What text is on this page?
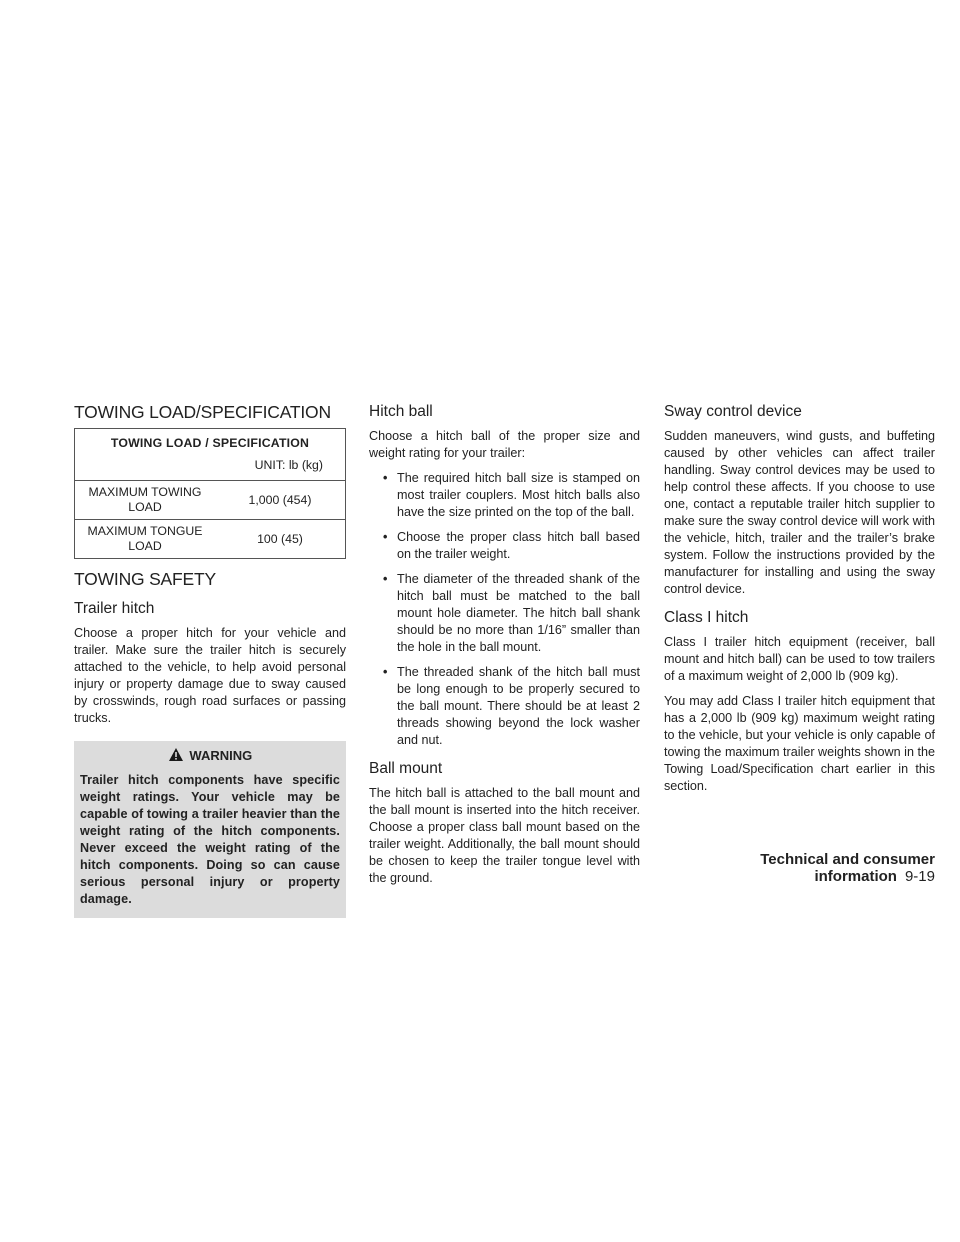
TOWING LOAD/SPECIFICATION
TOWING LOAD / SPECIFICATION	
UNIT: lb (kg)	
MAXIMUM TOWING
LOAD	1,000 (454)
MAXIMUM TONGUE
LOAD	100 (45)
TOWING SAFETY
Trailer hitch

Choose a proper hitch for your vehicle and trailer. Make sure the trailer hitch is securely attached to the vehicle, to help avoid personal injury or property damage due to sway caused by crosswinds, rough road surfaces or passing trucks.

WARNING
Trailer hitch components have specific weight ratings. Your vehicle may be capable of towing a trailer heavier than the weight rating of the hitch components. Never exceed the weight rating of the hitch components. Doing so can cause serious personal injury or property damage.
Hitch ball

Choose a hitch ball of the proper size and weight rating for your trailer:

• The required hitch ball size is stamped on most trailer couplers. Most hitch balls also have the size printed on the top of the ball.
• Choose the proper class hitch ball based on the trailer weight.
• The diameter of the threaded shank of the hitch ball must be matched to the ball mount hole diameter. The hitch ball shank should be no more than 1/16” smaller than the hole in the ball mount.
• The threaded shank of the hitch ball must be long enough to be properly secured to the ball mount. There should be at least 2 threads showing beyond the lock washer and nut.
Ball mount

The hitch ball is attached to the ball mount and the ball mount is inserted into the hitch receiver. Choose a proper class ball mount based on the trailer weight. Additionally, the ball mount should be chosen to keep the trailer tongue level with the ground.

Sway control device

Sudden maneuvers, wind gusts, and buffeting caused by other vehicles can affect trailer handling. Sway control devices may be used to help control these affects. If you choose to use one, contact a reputable trailer hitch supplier to make sure the sway control device will work with the vehicle, hitch, trailer and the trailer’s brake system. Follow the instructions provided by the manufacturer for installing and using the sway control device.

Class I hitch

Class I trailer hitch equipment (receiver, ball mount and hitch ball) can be used to tow trailers of a maximum weight of 2,000 lb (909 kg).

You may add Class I trailer hitch equipment that has a 2,000 lb (909 kg) maximum weight rating to the vehicle, but your vehicle is only capable of towing the maximum trailer weights shown in the Towing Load/Specification chart earlier in this section.

Technical and consumer information 9-19
